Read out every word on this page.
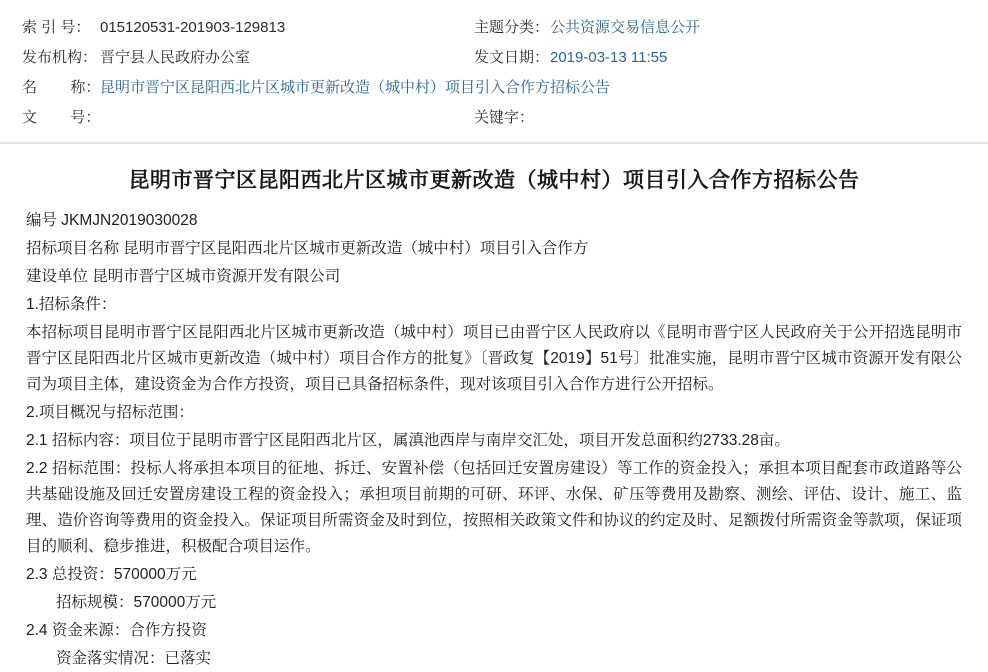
索 引 号： 015120531-201903-129813	主题分类： 公共资源交易信息公开
发布机构： 晋宁县人民政府办公室	发文日期： 2019-03-13 11:55
名        称： 昆明市晋宁区昆阳西北片区城市更新改造（城中村）项目引入合作方招标公告
文        号：	关键字：
昆明市晋宁区昆阳西北片区城市更新改造（城中村）项目引入合作方招标公告

编号 JKMJN2019030028

招标项目名称 昆明市晋宁区昆阳西北片区城市更新改造（城中村）项目引入合作方

建设单位 昆明市晋宁区城市资源开发有限公司

1.招标条件：

本招标项目昆明市晋宁区昆阳西北片区城市更新改造（城中村）项目已由晋宁区人民政府以《昆明市晋宁区人民政府关于公开招选昆明市晋宁区昆阳西北片区城市更新改造（城中村）项目合作方的批复》〔晋政复【2019】51号〕批准实施，昆明市晋宁区城市资源开发有限公司为项目主体，建设资金为合作方投资，项目已具备招标条件，现对该项目引入合作方进行公开招标。

2.项目概况与招标范围：

2.1 招标内容：项目位于昆明市晋宁区昆阳西北片区，属滇池西岸与南岸交汇处，项目开发总面积约2733.28亩。

2.2 招标范围：投标人将承担本项目的征地、拆迁、安置补偿（包括回迁安置房建设）等工作的资金投入；承担本项目配套市政道路等公共基础设施及回迁安置房建设工程的资金投入；承担项目前期的可研、环评、水保、矿压等费用及勘察、测绘、评估、设计、施工、监理、造价咨询等费用的资金投入。保证项目所需资金及时到位，按照相关政策文件和协议的约定及时、足额拨付所需资金等款项，保证项目的顺利、稳步推进，积极配合项目运作。

2.3 总投资：570000万元

招标规模：570000万元

2.4 资金来源：合作方投资

资金落实情况：已落实
